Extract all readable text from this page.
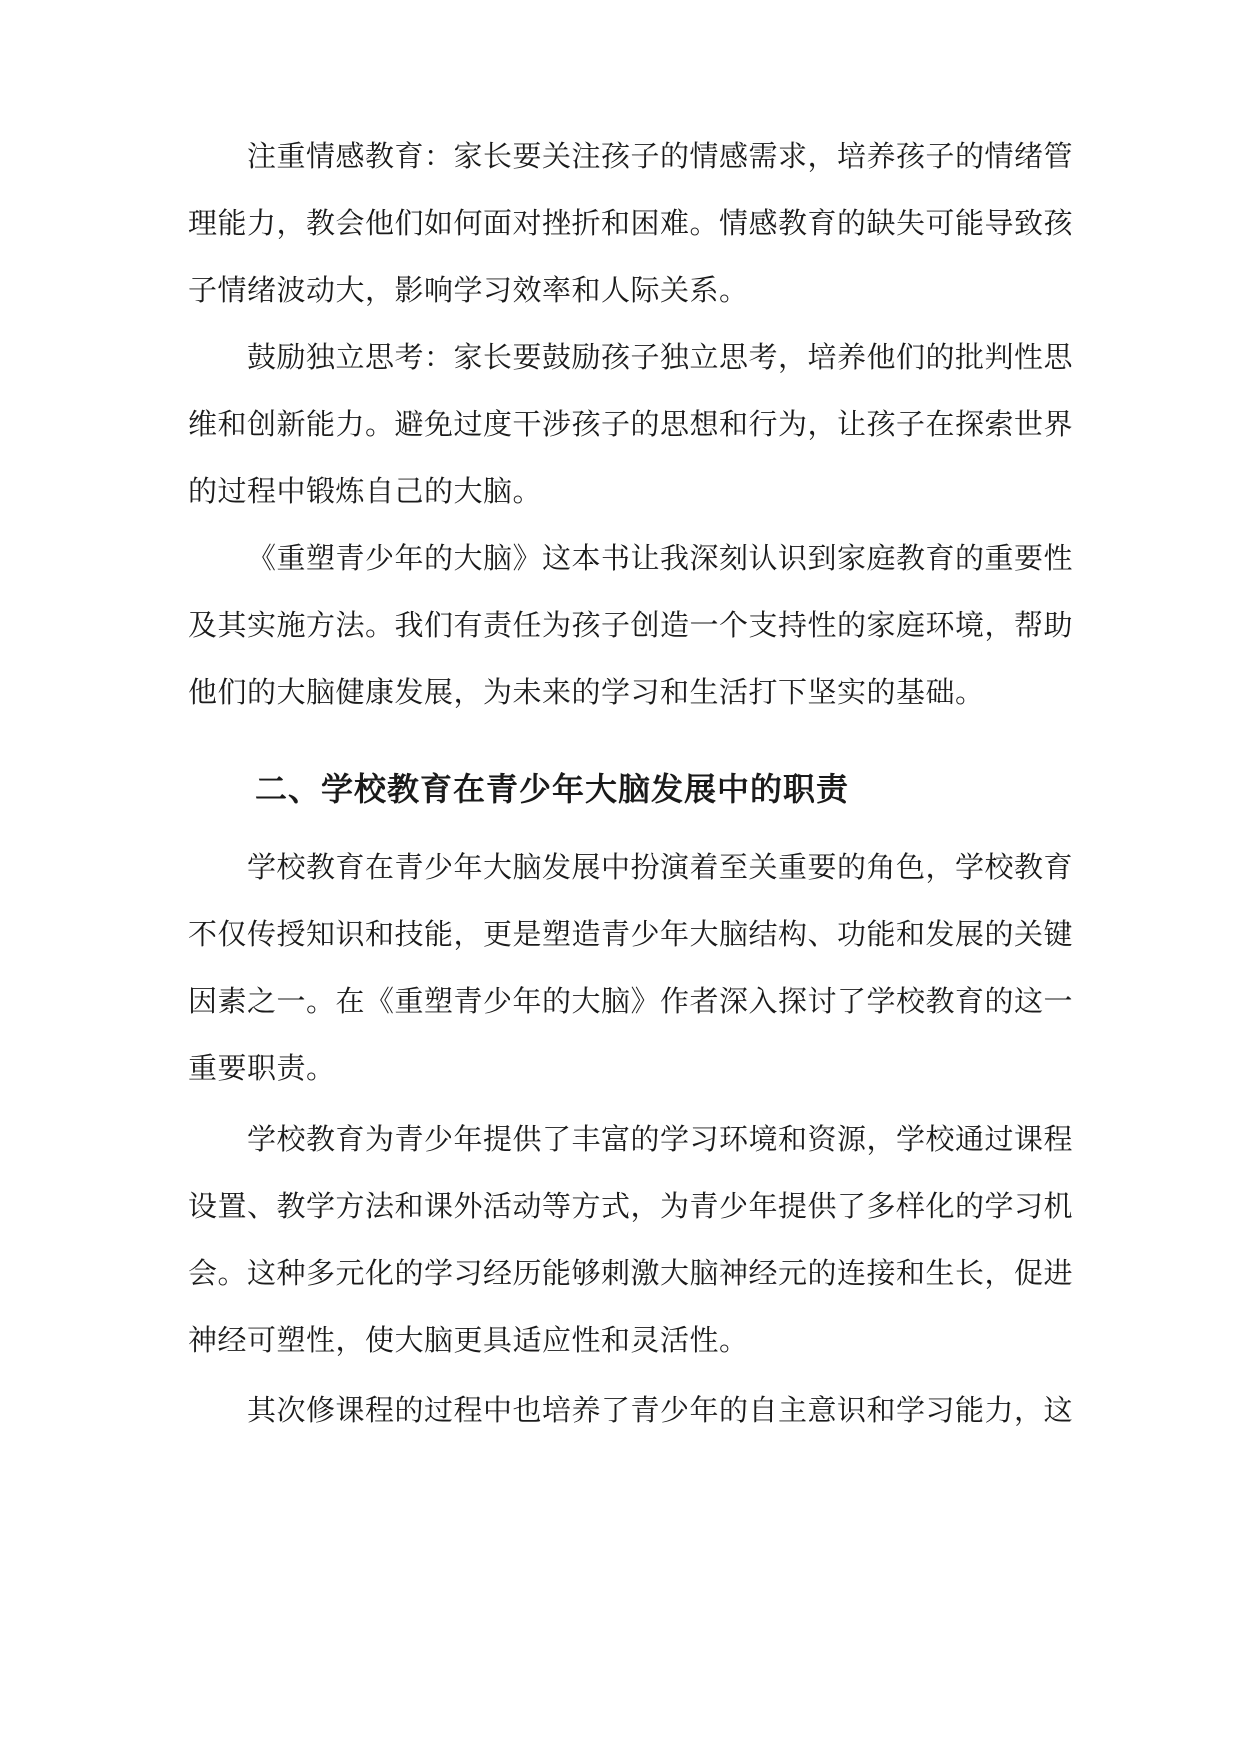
注重情感教育：家长要关注孩子的情感需求，培养孩子的情绪管
理能力，教会他们如何面对挫折和困难。情感教育的缺失可能导致孩
子情绪波动大，影响学习效率和人际关系。
鼓励独立思考：家长要鼓励孩子独立思考，培养他们的批判性思
维和创新能力。避免过度干涉孩子的思想和行为，让孩子在探索世界
的过程中锻炼自己的大脑。
《重塑青少年的大脑》这本书让我深刻认识到家庭教育的重要性
及其实施方法。我们有责任为孩子创造一个支持性的家庭环境，帮助
他们的大脑健康发展，为未来的学习和生活打下坚实的基础。
二、学校教育在青少年大脑发展中的职责
学校教育在青少年大脑发展中扮演着至关重要的角色，学校教育
不仅传授知识和技能，更是塑造青少年大脑结构、功能和发展的关键
因素之一。在《重塑青少年的大脑》作者深入探讨了学校教育的这一
重要职责。
学校教育为青少年提供了丰富的学习环境和资源，学校通过课程
设置、教学方法和课外活动等方式，为青少年提供了多样化的学习机
会。这种多元化的学习经历能够刺激大脑神经元的连接和生长，促进
神经可塑性，使大脑更具适应性和灵活性。
其次修课程的过程中也培养了青少年的自主意识和学习能力，这
